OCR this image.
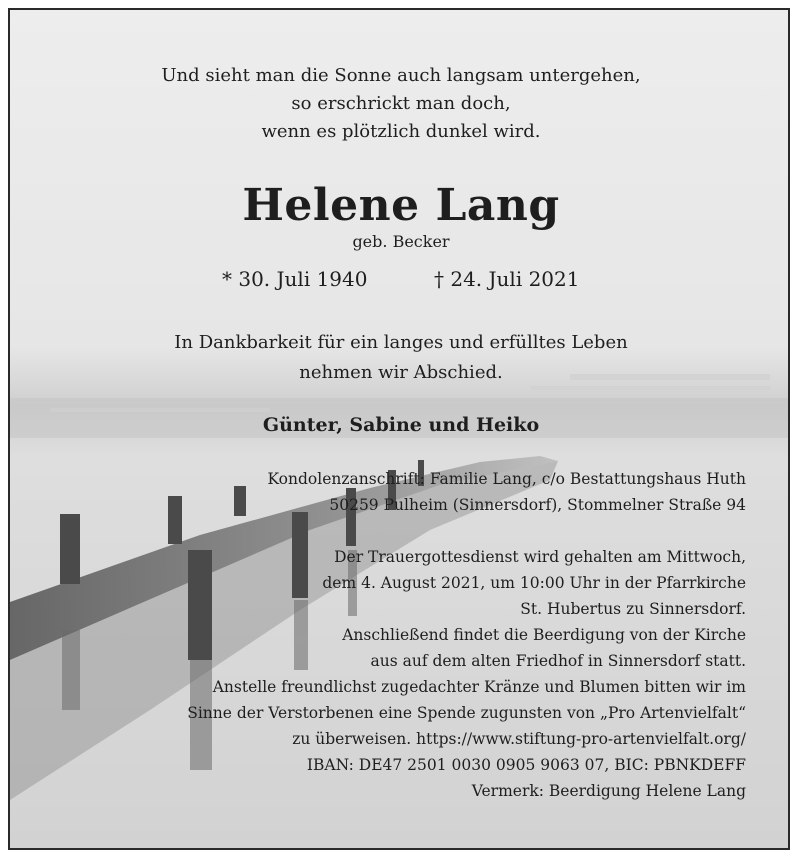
Und sieht man die Sonne auch langsam untergehen,
so erschrickt man doch,
wenn es plötzlich dunkel wird.
Helene Lang
geb. Becker
* 30. Juli 1940	† 24. Juli 2021
In Dankbarkeit für ein langes und erfülltes Leben
nehmen wir Abschied.
Günter, Sabine und Heiko
Kondolenzanschrift: Familie Lang, c/o Bestattungshaus Huth
50259 Pulheim (Sinnersdorf), Stommelner Straße 94
Der Trauergottesdienst wird gehalten am Mittwoch,
dem 4. August 2021, um 10:00 Uhr in der Pfarrkirche
St. Hubertus zu Sinnersdorf.
Anschließend findet die Beerdigung von der Kirche
aus auf dem alten Friedhof in Sinnersdorf statt.
Anstelle freundlichst zugedachter Kränze und Blumen bitten wir im
Sinne der Verstorbenen eine Spende zugunsten von „Pro Artenvielfalt“
zu überweisen. https://www.stiftung-pro-artenvielfalt.org/
IBAN: DE47 2501 0030 0905 9063 07, BIC: PBNKDEFF
Vermerk: Beerdigung Helene Lang
